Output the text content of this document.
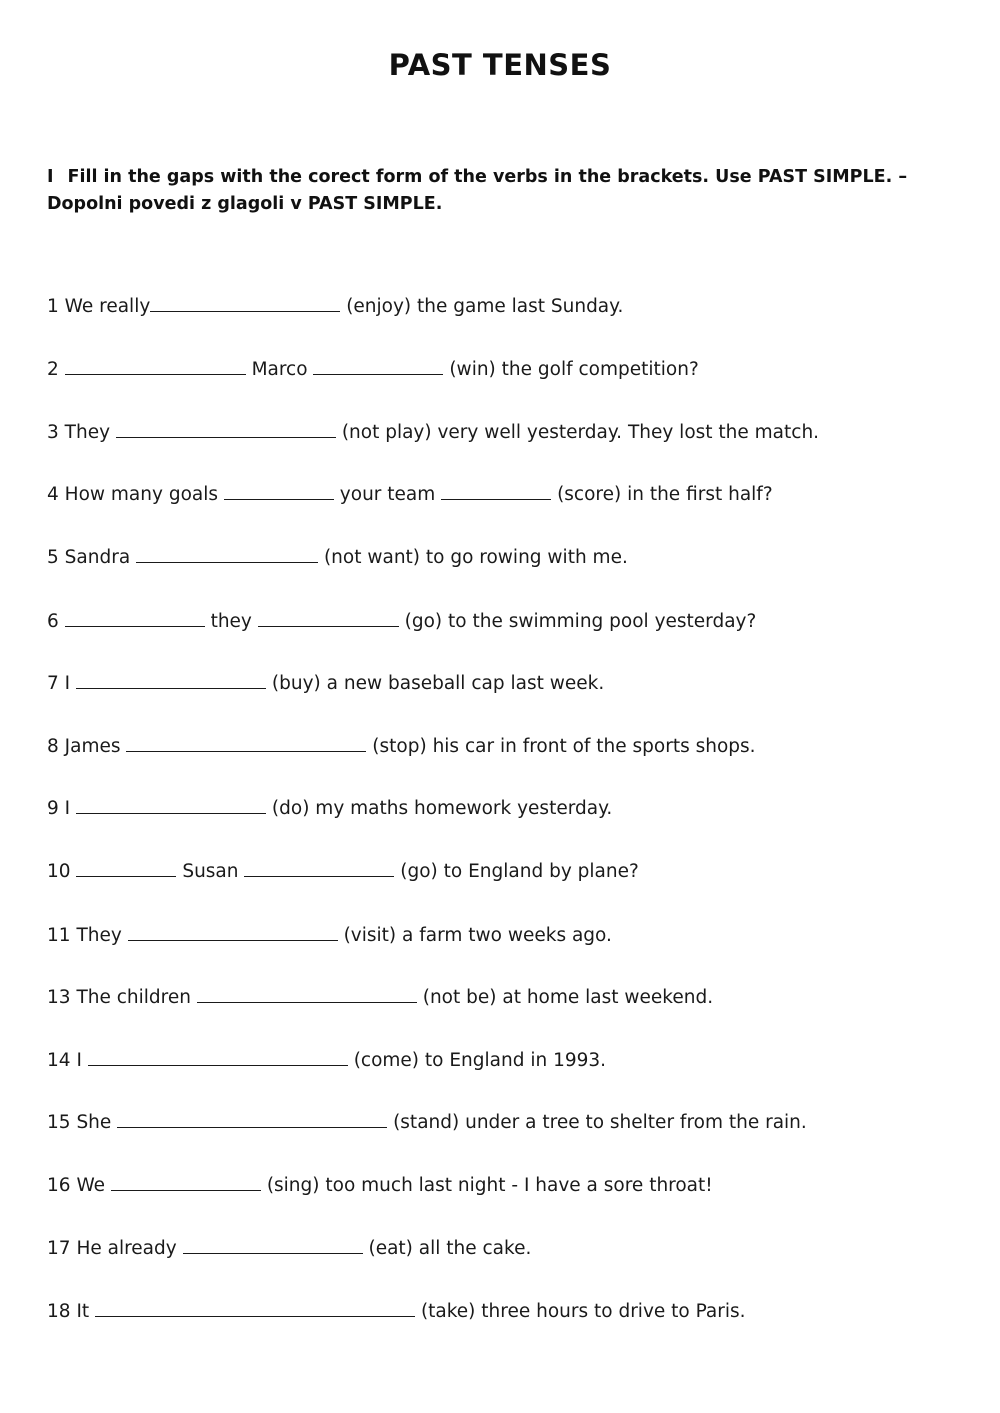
PAST TENSES
I Fill in the gaps with the corect form of the verbs in the brackets. Use PAST SIMPLE. – Dopolni povedi z glagoli v PAST SIMPLE.
1 We really	(enjoy) the game last Sunday.
2	Marco	(win) the golf competition?
3 They	(not play) very well yesterday. They lost the match.
4 How many goals	your team	(score) in the first half?
5 Sandra	(not want) to go rowing with me.
6	they	(go) to the swimming pool yesterday?
7 I	(buy) a new baseball cap last week.
8 James	(stop) his car in front of the sports shops.
9 I	(do) my maths homework yesterday.
10	Susan	(go) to England by plane?
11 They	(visit) a farm two weeks ago.
13 The children	(not be) at home last weekend.
14 I	(come) to England in 1993.
15 She	(stand) under a tree to shelter from the rain.
16 We	(sing) too much last night - I have a sore throat!
17 He already	(eat) all the cake.
18 It	(take) three hours to drive to Paris.
